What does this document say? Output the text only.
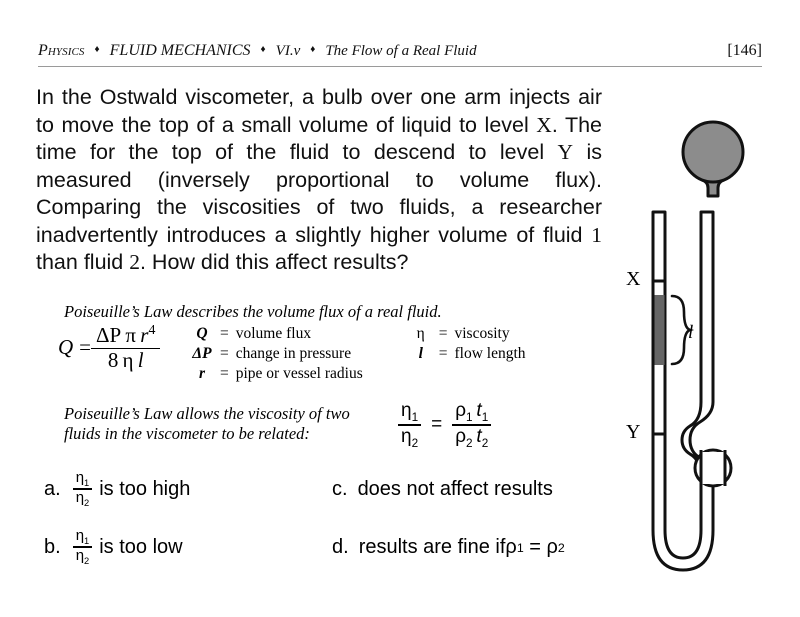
Physics	♦ FLUID MECHANICS	♦ VI.v	♦ The Flow of a Real Fluid	[146]
In the Ostwald viscometer, a bulb over one arm injects air to move the top of a small volume of liquid to level X. The time for the top of the fluid to descend to level Y is measured (inversely proportional to volume flux). Comparing the viscosities of two fluids, a researcher inadvertently introduces a slightly higher volume of fluid 1 than fluid 2. How did this affect results?
Poiseuille’s Law describes the volume flux of a real fluid.
$Q = \frac{\Delta P \pi r^4}{\text{8  η  l}}$ Q	=	volume flux	η	=	viscosity
ΔP	=	change in pressure	l	=	flow length
r	=	pipe or vessel radius			
Poiseuille’s Law allows the viscosity of two
fluids in the viscometer to be related:	$\frac{\eta_1}{\eta_2} = \frac{\rho_1 t_1}{\rho_2 t_2}$
a. $\frac{\eta_1}{\eta_2}$ is too high
b. $\frac{\eta_1}{\eta_2}$ is too low
c. does not affect results
d. results are fine if ρ 1
=
ρ 2
X
Y
l
